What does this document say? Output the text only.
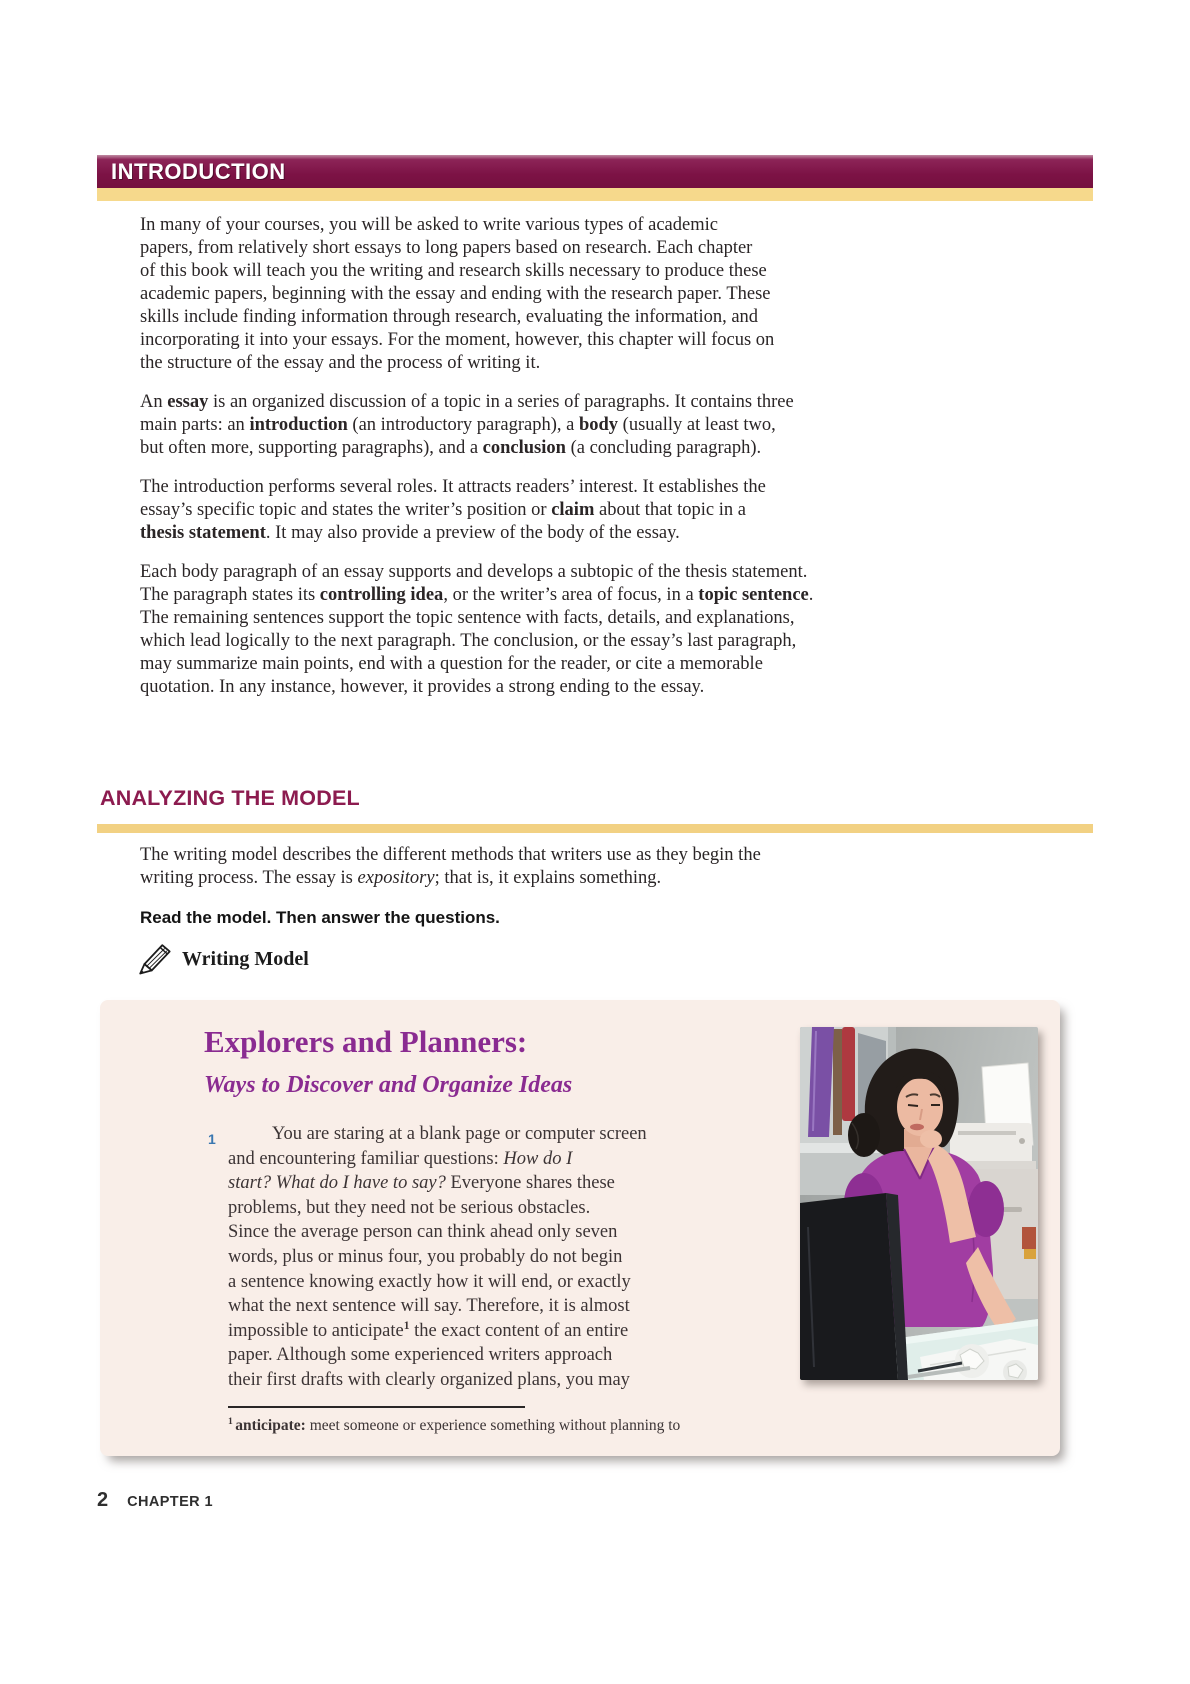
INTRODUCTION

In many of your courses, you will be asked to write various types of academic
papers, from relatively short essays to long papers based on research. Each chapter
of this book will teach you the writing and research skills necessary to produce these
academic papers, beginning with the essay and ending with the research paper. These
skills include finding information through research, evaluating the information, and
incorporating it into your essays. For the moment, however, this chapter will focus on
the structure of the essay and the process of writing it.

An essay is an organized discussion of a topic in a series of paragraphs. It contains three
main parts: an introduction (an introductory paragraph), a body (usually at least two,
but often more, supporting paragraphs), and a conclusion (a concluding paragraph).

The introduction performs several roles. It attracts readers’ interest. It establishes the
essay’s specific topic and states the writer’s position or claim about that topic in a
thesis statement. It may also provide a preview of the body of the essay.

Each body paragraph of an essay supports and develops a subtopic of the thesis statement.
The paragraph states its controlling idea, or the writer’s area of focus, in a topic sentence.
The remaining sentences support the topic sentence with facts, details, and explanations,
which lead logically to the next paragraph. The conclusion, or the essay’s last paragraph,
may summarize main points, end with a question for the reader, or cite a memorable
quotation. In any instance, however, it provides a strong ending to the essay.

ANALYZING THE MODEL

The writing model describes the different methods that writers use as they begin the
writing process. The essay is expository; that is, it explains something.

Read the model. Then answer the questions.

Writing Model
Explorers and Planners:
Ways to Discover and Organize Ideas
1	You are staring at a blank page or computer screen
and encountering familiar questions: How do I
start? What do I have to say? Everyone shares these
problems, but they need not be serious obstacles.
Since the average person can think ahead only seven
words, plus or minus four, you probably do not begin
a sentence knowing exactly how it will end, or exactly
what the next sentence will say. Therefore, it is almost
impossible to anticipate$^1$ the exact content of an entire
paper. Although some experienced writers approach
their first drafts with clearly organized plans, you may

$^1$ anticipate: meet someone or experience something without planning to

2 CHAPTER 1
